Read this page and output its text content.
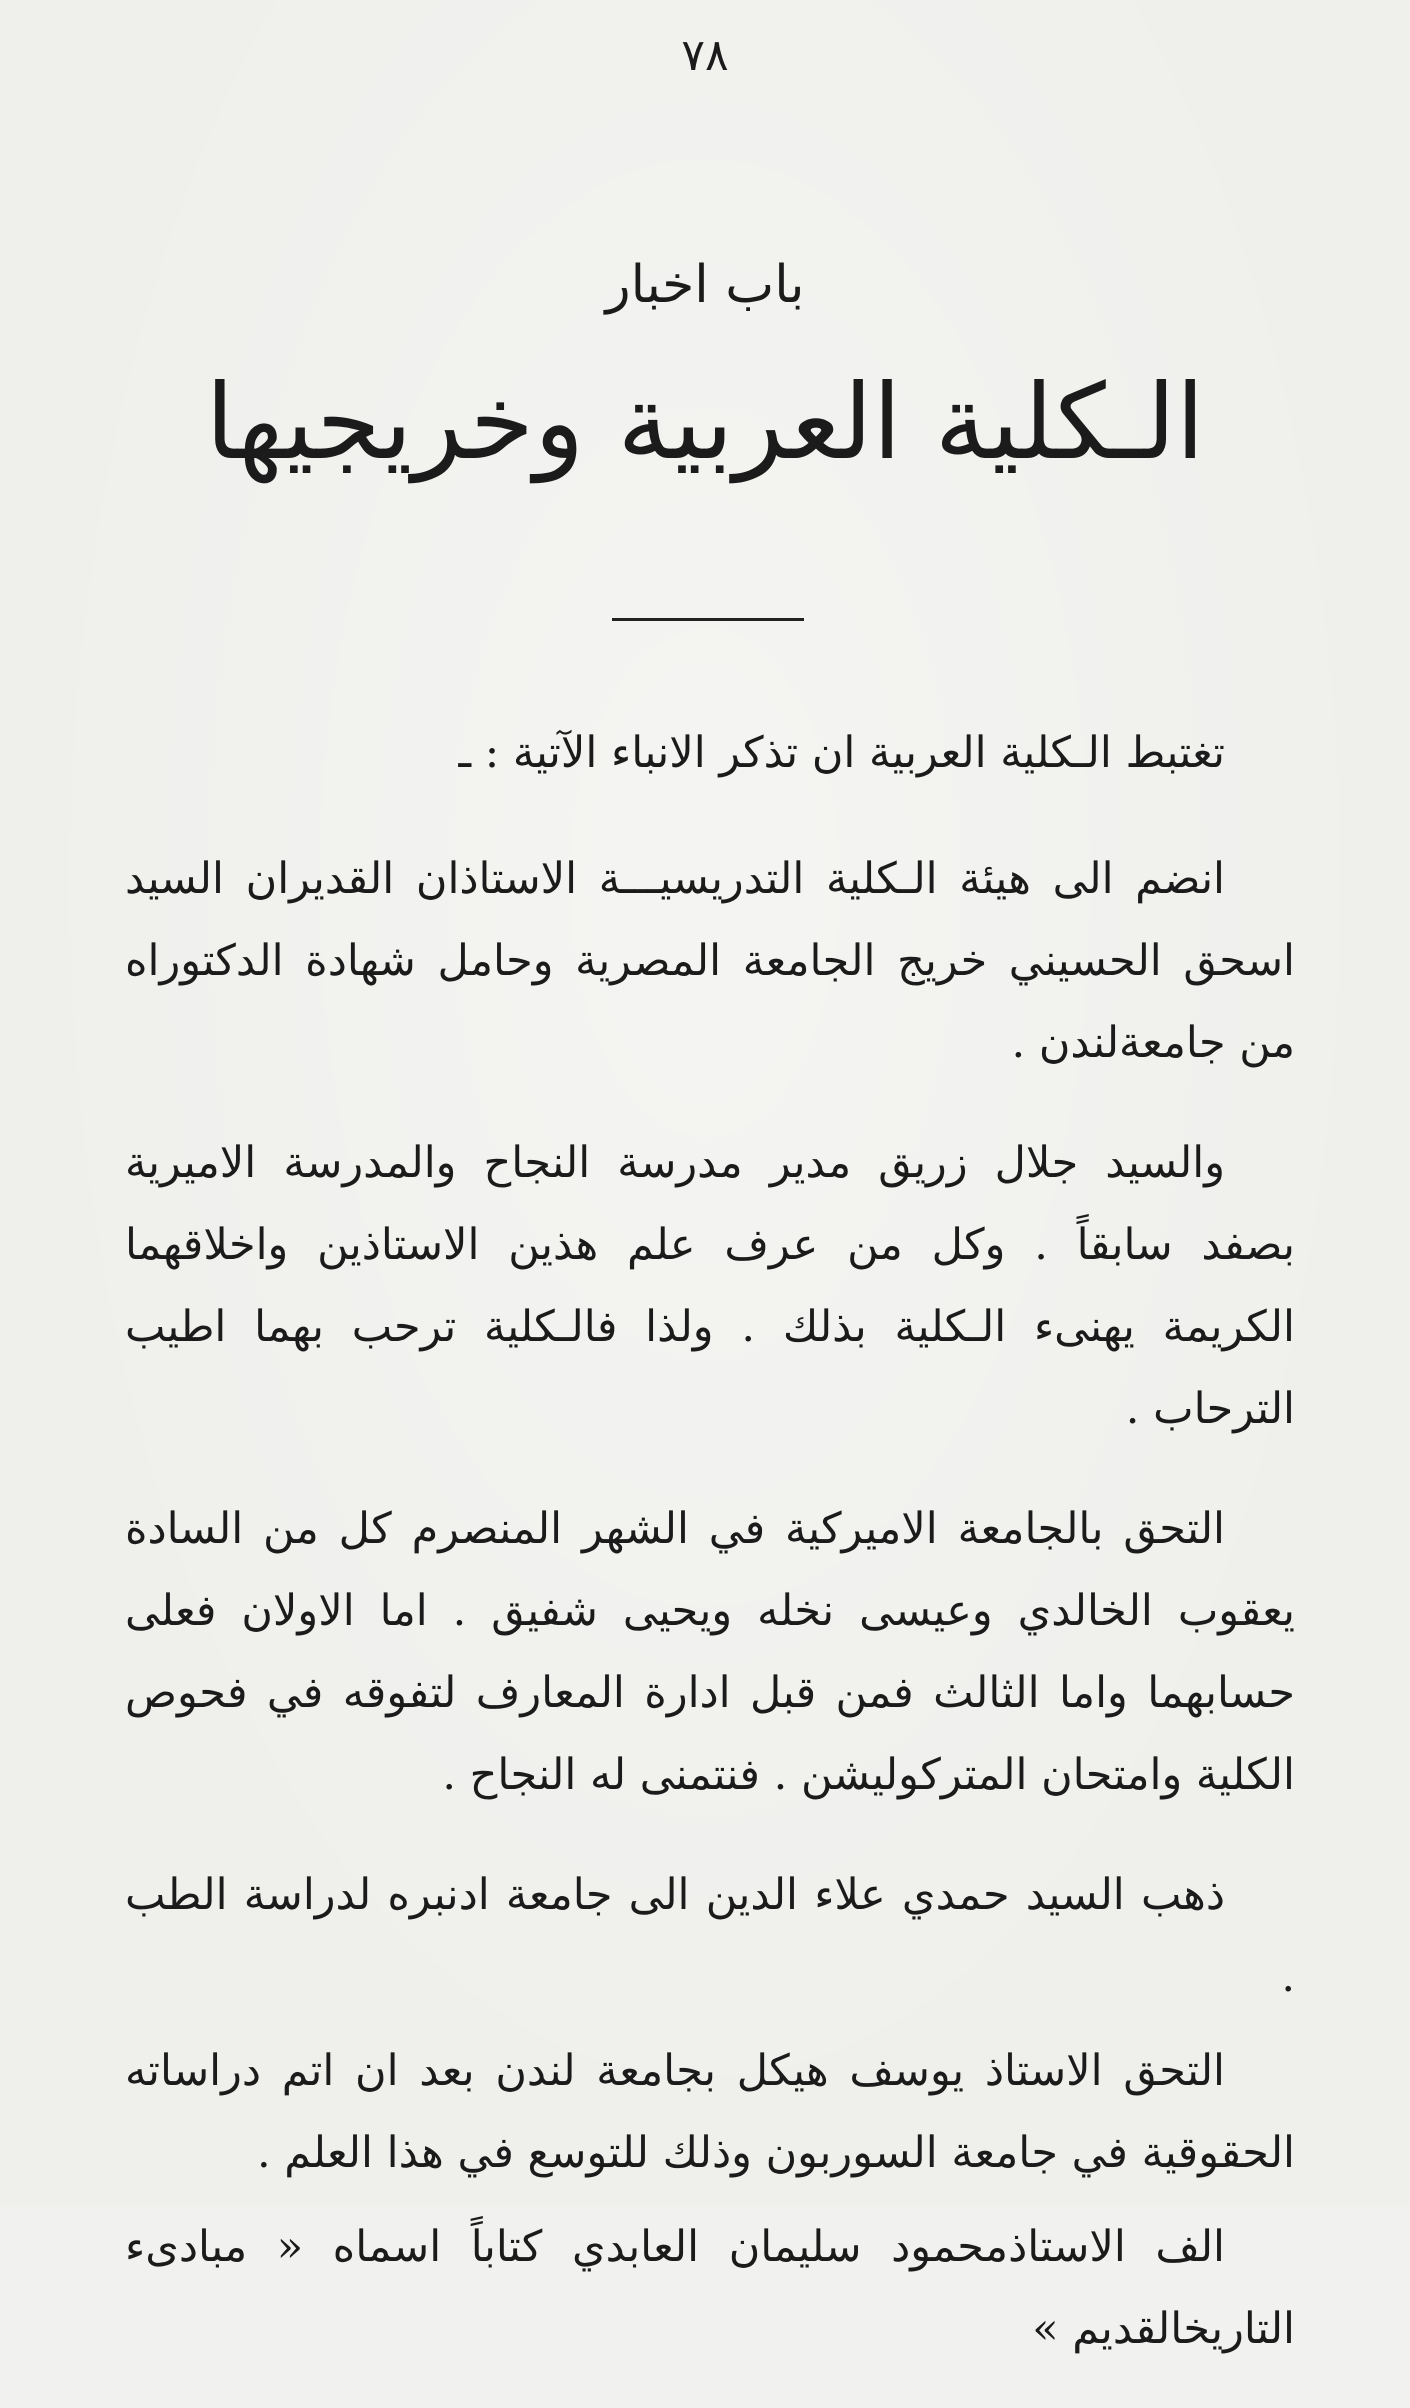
٧٨
باب اخبار
الـكلية العربية وخريجيها

تغتبط الـكلية العربية ان تذكر الانباء الآتية : ـ

انضم الى هيئة الـكلية التدريسيـــة الاستاذان القديران السيد اسحق الحسيني خريج الجامعة المصرية وحامل شهادة الدكتوراه من جامعةلندن .

والسيد جلال زريق مدير مدرسة النجاح والمدرسة الاميرية بصفد سابقاً . وكل من عرف علم هذين الاستاذين واخلاقهما الكريمة يهنىء الـكلية بذلك . ولذا فالـكلية ترحب بهما اطيب الترحاب .

التحق بالجامعة الاميركية في الشهر المنصرم كل من السادة يعقوب الخالدي وعيسى نخله ويحيى شفيق . اما الاولان فعلى حسابهما واما الثالث فمن قبل ادارة المعارف لتفوقه في فحوص الكلية وامتحان المتركوليشن . فنتمنى له النجاح .

ذهب السيد حمدي علاء الدين الى جامعة ادنبره لدراسة الطب .

التحق الاستاذ يوسف هيكل بجامعة لندن بعد ان اتم دراساته الحقوقية في جامعة السوربون وذلك للتوسع في هذا العلم .

الف الاستاذمحمود سليمان العابدي كتاباً اسماه « مبادىء التاريخالقديم »
